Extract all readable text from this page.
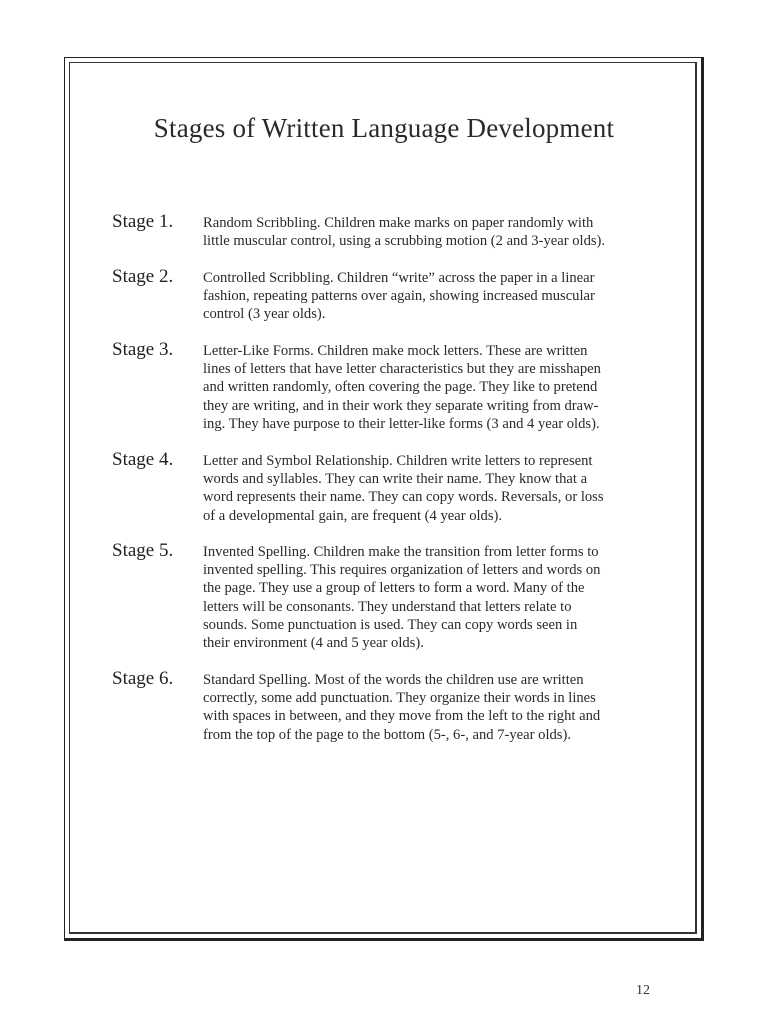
Stages of Written Language Development
Stage 1. Random Scribbling. Children make marks on paper randomly with

little muscular control, using a scrubbing motion (2 and 3-year olds).

Stage 2. Controlled Scribbling. Children “write” across the paper in a linear

fashion, repeating patterns over again, showing increased muscular

control (3 year olds).

Stage 3. Letter-Like Forms. Children make mock letters. These are written

lines of letters that have letter characteristics but they are misshapen

and written randomly, often covering the page. They like to pretend

they are writing, and in their work they separate writing from draw-

ing. They have purpose to their letter-like forms (3 and 4 year olds).

Stage 4. Letter and Symbol Relationship. Children write letters to represent

words and syllables. They can write their name. They know that a

word represents their name. They can copy words. Reversals, or loss

of a developmental gain, are frequent (4 year olds).

Stage 5. Invented Spelling. Children make the transition from letter forms to

invented spelling. This requires organization of letters and words on

the page. They use a group of letters to form a word. Many of the

letters will be consonants. They understand that letters relate to

sounds. Some punctuation is used. They can copy words seen in

their environment (4 and 5 year olds).

Stage 6. Standard Spelling. Most of the words the children use are written

correctly, some add punctuation. They organize their words in lines

with spaces in between, and they move from the left to the right and

from the top of the page to the bottom (5-, 6-, and 7-year olds).

12
